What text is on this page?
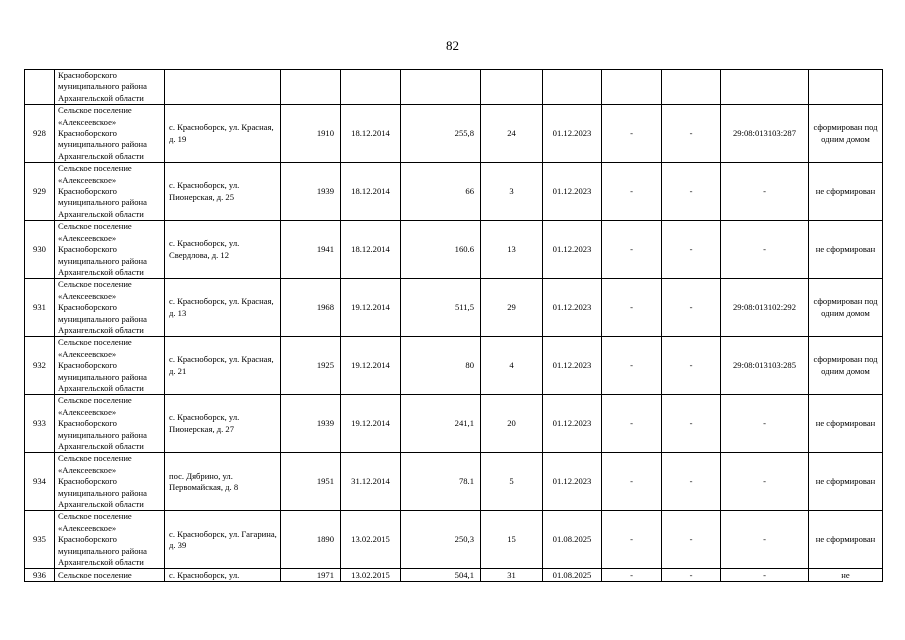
82
	Красноборского муниципального района Архангельской области										
928	Сельское поселение «Алексеевское» Красноборского муниципального района Архангельской области	с. Красноборск, ул. Красная, д. 19	1910	18.12.2014	255,8	24	01.12.2023	-	-	29:08:013103:287	сформирован под одним домом
929	Сельское поселение «Алексеевское» Красноборского муниципального района Архангельской области	с. Красноборск, ул. Пионерская, д. 25	1939	18.12.2014	66	3	01.12.2023	-	-	-	не сформирован
930	Сельское поселение «Алексеевское» Красноборского муниципального района Архангельской области	с. Красноборск, ул. Свердлова, д. 12	1941	18.12.2014	160.6	13	01.12.2023	-	-	-	не сформирован
931	Сельское поселение «Алексеевское» Красноборского муниципального района Архангельской области	с. Красноборск, ул. Красная, д. 13	1968	19.12.2014	511,5	29	01.12.2023	-	-	29:08:013102:292	сформирован под одним домом
932	Сельское поселение «Алексеевское» Красноборского муниципального района Архангельской области	с. Красноборск, ул. Красная, д. 21	1925	19.12.2014	80	4	01.12.2023	-	-	29:08:013103:285	сформирован под одним домом
933	Сельское поселение «Алексеевское» Красноборского муниципального района Архангельской области	с. Красноборск, ул. Пионерская, д. 27	1939	19.12.2014	241,1	20	01.12.2023	-	-	-	не сформирован
934	Сельское поселение «Алексеевское» Красноборского муниципального района Архангельской области	пос. Дябрино, ул. Первомайская, д. 8	1951	31.12.2014	78.1	5	01.12.2023	-	-	-	не сформирован
935	Сельское поселение «Алексеевское» Красноборского муниципального района Архангельской области	с. Красноборск, ул. Гагарина, д. 39	1890	13.02.2015	250,3	15	01.08.2025	-	-	-	не сформирован
936	Сельское поселение	с. Красноборск, ул.	1971	13.02.2015	504,1	31	01.08.2025	-	-	-	не
